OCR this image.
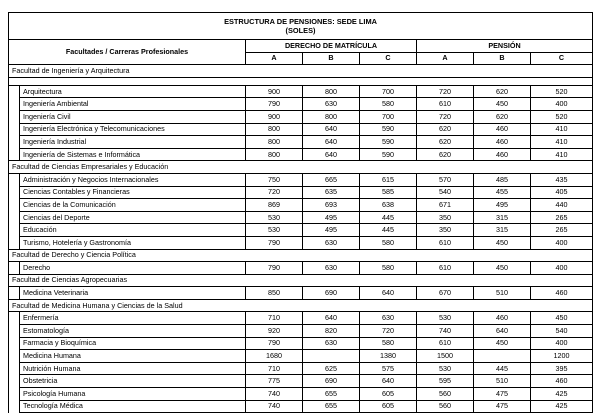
ESTRUCTURA DE PENSIONES: SEDE LIMA
(SOLES)							
Facultades / Carreras Profesionales		DERECHO DE MATRÍCULA			PENSIÓN		
		A	B	C	A	B	C
Facultad de Ingeniería y Arquitectura							

	Arquitectura	900	800	700	720	620	520
	Ingeniería Ambiental	790	630	580	610	450	400
	Ingeniería Civil	900	800	700	720	620	520
	Ingeniería Electrónica y Telecomunicaciones	800	640	590	620	460	410
	Ingeniería Industrial	800	640	590	620	460	410
	Ingeniería de Sistemas e Informática	800	640	590	620	460	410
Facultad de Ciencias Empresariales y Educación							
	Administración y Negocios Internacionales	750	665	615	570	485	435
	Ciencias Contables y Financieras	720	635	585	540	455	405
	Ciencias de la Comunicación	869	693	638	671	495	440
	Ciencias del Deporte	530	495	445	350	315	265
	Educación	530	495	445	350	315	265
	Turismo, Hotelería y Gastronomía	790	630	580	610	450	400
Facultad de Derecho y Ciencia Política							
	Derecho	790	630	580	610	450	400
Facultad de Ciencias Agropecuarias							
	Medicina Veterinaria	850	690	640	670	510	460
Facultad de Medicina Humana y Ciencias de la Salud							
	Enfermería	710	640	630	530	460	450
	Estomatología	920	820	720	740	640	540
	Farmacia y Bioquímica	790	630	580	610	450	400
	Medicina Humana	1680		1380	1500		1200
	Nutrición Humana	710	625	575	530	445	395
	Obstetricia	775	690	640	595	510	460
	Psicología Humana	740	655	605	560	475	425
	Tecnología Médica	740	655	605	560	475	425
